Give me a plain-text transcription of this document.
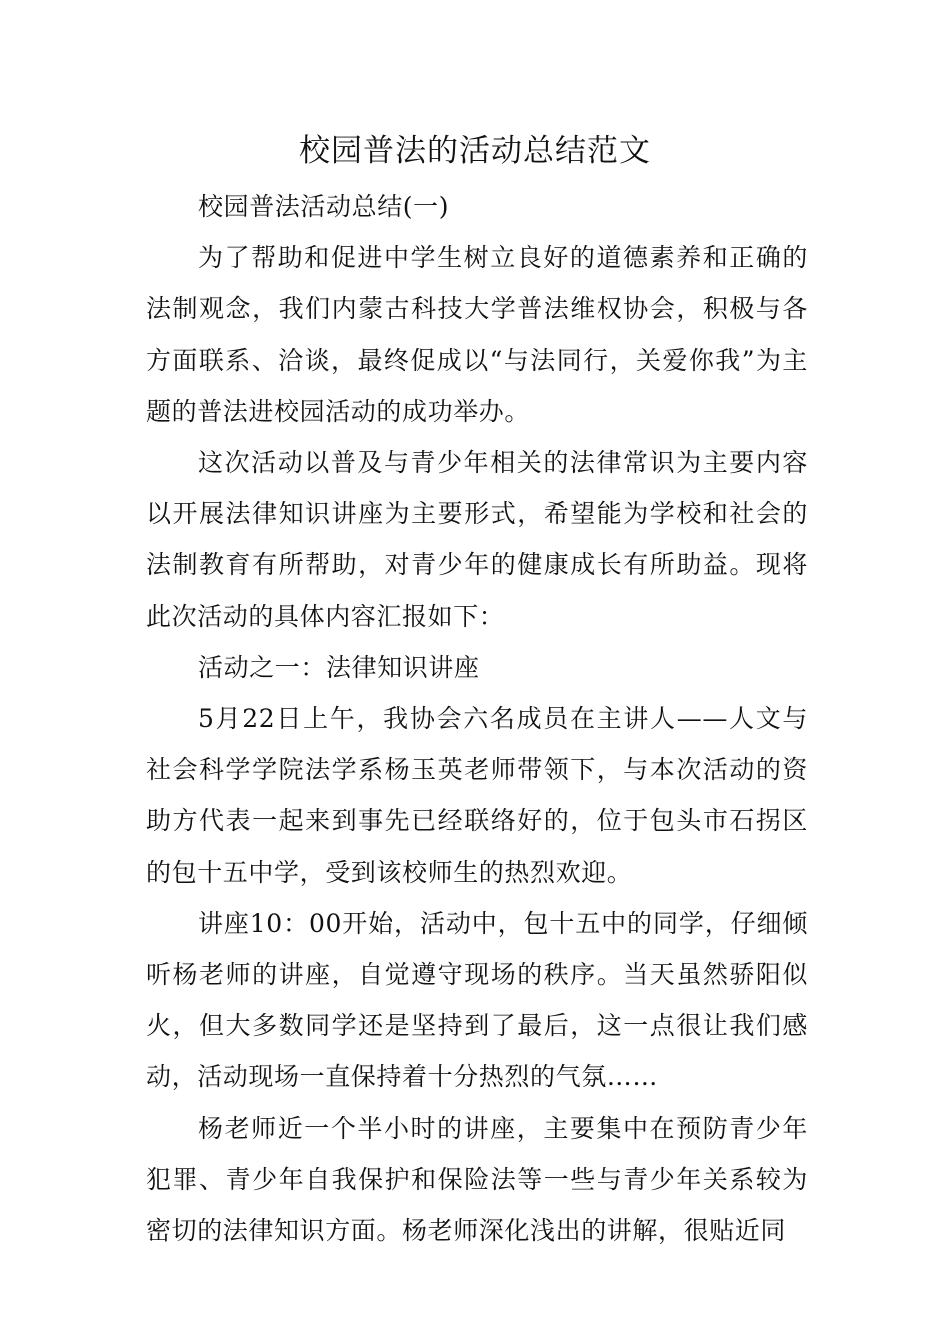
校园普法的活动总结范文

校园普法活动总结(一)

为了帮助和促进中学生树立良好的道德素养和正确的法制观念，我们内蒙古科技大学普法维权协会，积极与各方面联系、洽谈，最终促成以“与法同行，关爱你我”为主题的普法进校园活动的成功举办。

这次活动以普及与青少年相关的法律常识为主要内容以开展法律知识讲座为主要形式，希望能为学校和社会的法制教育有所帮助，对青少年的健康成长有所助益。现将此次活动的具体内容汇报如下：

活动之一：法律知识讲座

5月22日上午，我协会六名成员在主讲人——人文与社会科学学院法学系杨玉英老师带领下，与本次活动的资助方代表一起来到事先已经联络好的，位于包头市石拐区的包十五中学，受到该校师生的热烈欢迎。

讲座10：00开始，活动中，包十五中的同学，仔细倾听杨老师的讲座，自觉遵守现场的秩序。当天虽然骄阳似火，但大多数同学还是坚持到了最后，这一点很让我们感动，活动现场一直保持着十分热烈的气氛……

杨老师近一个半小时的讲座，主要集中在预防青少年犯罪、青少年自我保护和保险法等一些与青少年关系较为密切的法律知识方面。杨老师深化浅出的讲解，很贴近同
